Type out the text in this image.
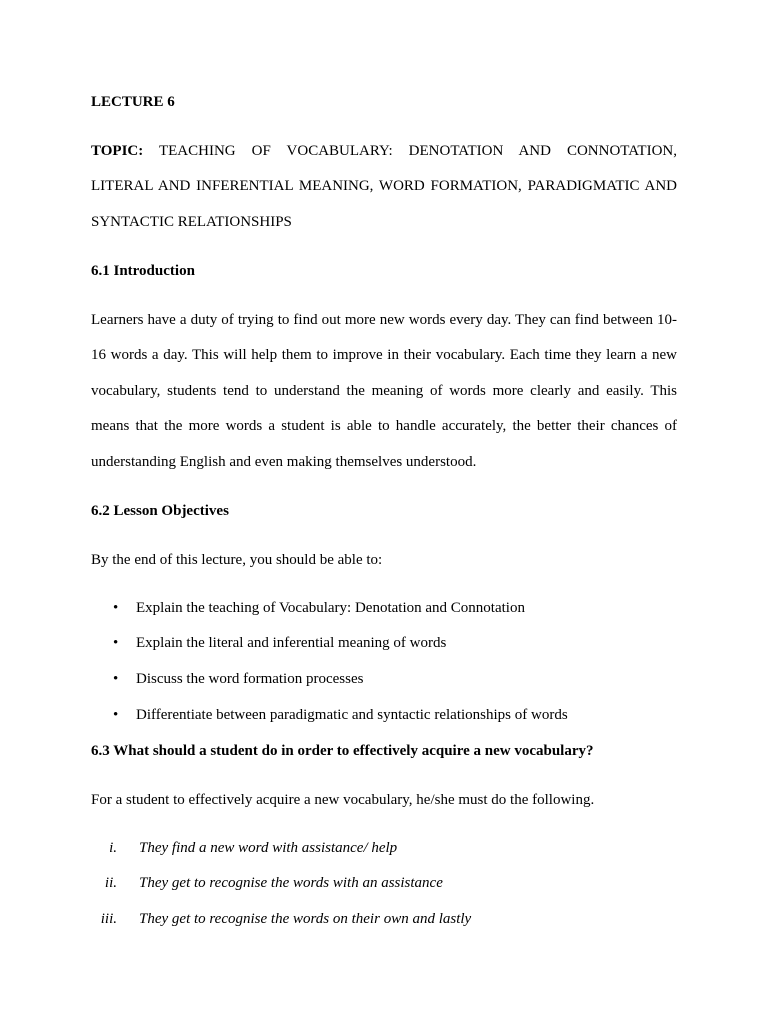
LECTURE 6
TOPIC: TEACHING OF VOCABULARY: DENOTATION AND CONNOTATION,
LITERAL AND INFERENTIAL MEANING, WORD FORMATION, PARADIGMATIC AND
SYNTACTIC RELATIONSHIPS
6.1 Introduction
Learners have a duty of trying to find out more new words every day. They can find between 10-
16 words a day. This will help them to improve in their vocabulary. Each time they learn a new
vocabulary, students tend to understand the meaning of words more clearly and easily. This
means that the more words a student is able to handle accurately, the better their chances of
understanding English and even making themselves understood.
6.2 Lesson Objectives
By the end of this lecture, you should be able to:
• Explain the teaching of Vocabulary: Denotation and Connotation
• Explain the literal and inferential meaning of words
• Discuss the word formation processes
• Differentiate between paradigmatic and syntactic relationships of words
6.3 What should a student do in order to effectively acquire a new vocabulary?
For a student to effectively acquire a new vocabulary, he/she must do the following.
i. They find a new word with assistance/ help
ii. They get to recognise the words with an assistance
iii. They get to recognise the words on their own and lastly
